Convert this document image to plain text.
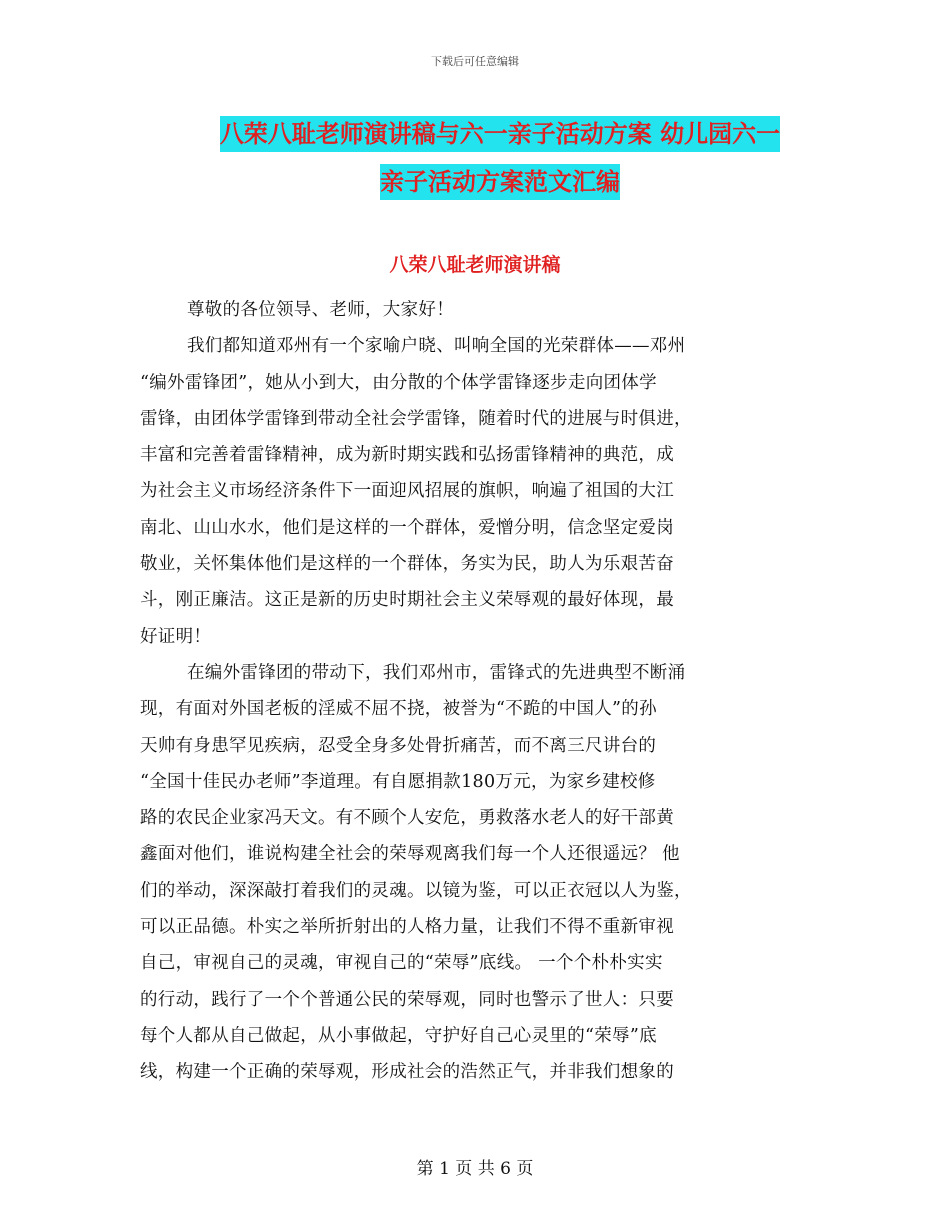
下载后可任意编辑
八荣八耻老师演讲稿与六一亲子活动方案 幼儿园六一
亲子活动方案范文汇编
八荣八耻老师演讲稿
尊敬的各位领导、老师，大家好！
我们都知道邓州有一个家喻户晓、叫响全国的光荣群体——邓州
“编外雷锋团”，她从小到大，由分散的个体学雷锋逐步走向团体学
雷锋，由团体学雷锋到带动全社会学雷锋，随着时代的进展与时俱进，
丰富和完善着雷锋精神，成为新时期实践和弘扬雷锋精神的典范，成
为社会主义市场经济条件下一面迎风招展的旗帜，响遍了祖国的大江
南北、山山水水，他们是这样的一个群体，爱憎分明，信念坚定爱岗
敬业，关怀集体他们是这样的一个群体，务实为民，助人为乐艰苦奋
斗，刚正廉洁。这正是新的历史时期社会主义荣辱观的最好体现，最
好证明！
在编外雷锋团的带动下，我们邓州市，雷锋式的先进典型不断涌
现，有面对外国老板的淫威不屈不挠，被誉为“不跪的中国人”的孙
天帅有身患罕见疾病，忍受全身多处骨折痛苦，而不离三尺讲台的
“全国十佳民办老师”李道理。有自愿捐款180万元，为家乡建校修
路的农民企业家冯天文。有不顾个人安危，勇救落水老人的好干部黄
鑫面对他们，谁说构建全社会的荣辱观离我们每一个人还很遥远？ 他
们的举动，深深敲打着我们的灵魂。以镜为鉴，可以正衣冠以人为鉴，
可以正品德。朴实之举所折射出的人格力量，让我们不得不重新审视
自己，审视自己的灵魂，审视自己的“荣辱”底线。 一个个朴朴实实
的行动，践行了一个个普通公民的荣辱观，同时也警示了世人：只要
每个人都从自己做起，从小事做起，守护好自己心灵里的“荣辱”底
线，构建一个正确的荣辱观，形成社会的浩然正气，并非我们想象的
第 1 页 共 6 页
